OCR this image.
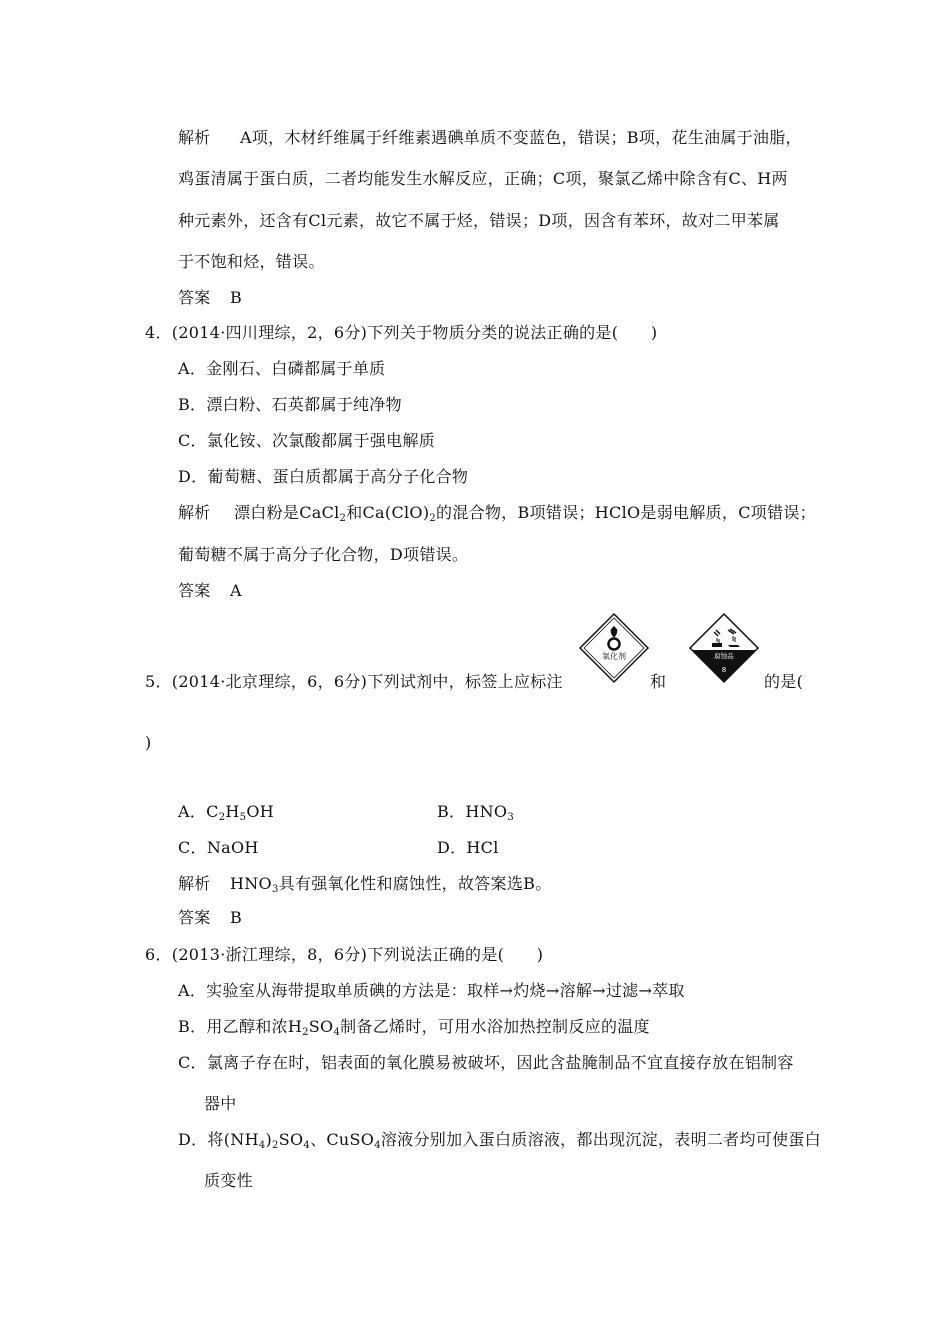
解析 A项，木材纤维属于纤维素遇碘单质不变蓝色，错误；B项，花生油属于油脂，
鸡蛋清属于蛋白质，二者均能发生水解反应，正确；C项，聚氯乙烯中除含有C、H两
种元素外，还含有Cl元素，故它不属于烃，错误；D项，因含有苯环，故对二甲苯属
于不饱和烃，错误。
答案 B
4．(2014·四川理综，2，6分)下列关于物质分类的说法正确的是(　　)
A．金刚石、白磷都属于单质
B．漂白粉、石英都属于纯净物
C．氯化铵、次氯酸都属于强电解质
D．葡萄糖、蛋白质都属于高分子化合物
解析 漂白粉是CaCl$_2$和$Ca(ClO)_2$的混合物，B项错误；HClO是弱电解质，C项错误；
葡萄糖不属于高分子化合物，D项错误。
答案 A
5．(2014·北京理综，6，6分)下列试剂中，标签上应标注
氧化剂
和
腐蚀品
8
的是(
)
A．$C_2H_5OH$	B．$HNO_3$
C．NaOH	D．HCl
解析 $HNO_3$具有强氧化性和腐蚀性，故答案选B。
答案 B
6．(2013·浙江理综，8，6分)下列说法正确的是(　　)
A．实验室从海带提取单质碘的方法是：取样→灼烧→溶解→过滤→萃取
B．用乙醇和浓$H_2SO_4$制备乙烯时，可用水浴加热控制反应的温度
C．氯离子存在时，铝表面的氧化膜易被破坏，因此含盐腌制品不宜直接存放在铝制容
器中
D．将$(NH_4)_2SO_4$、CuSO$_4$溶液分别加入蛋白质溶液，都出现沉淀，表明二者均可使蛋白
质变性
